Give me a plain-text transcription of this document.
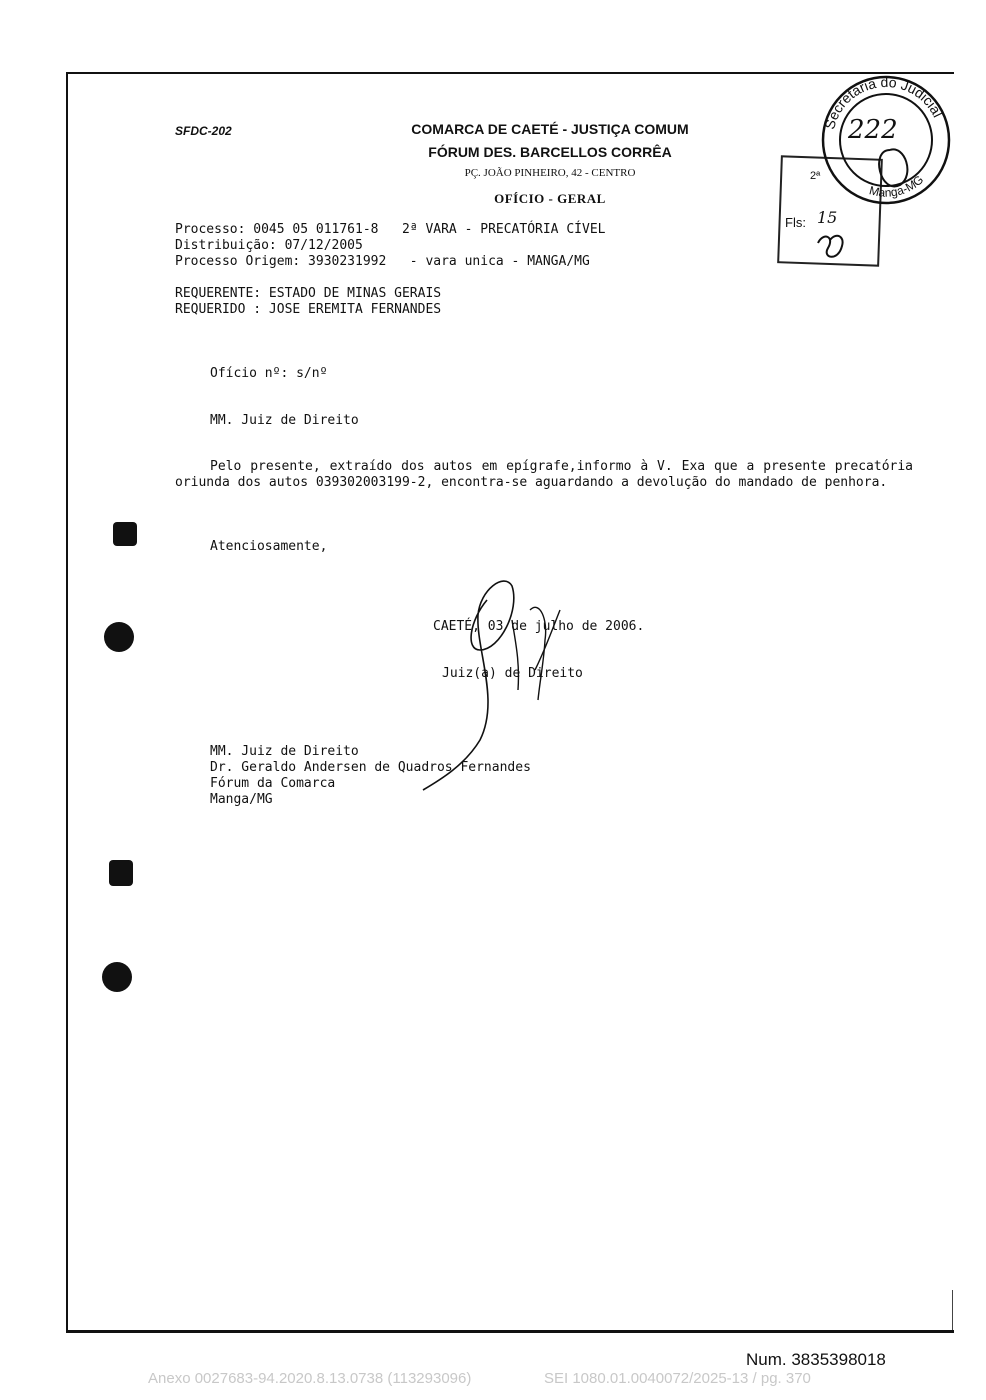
SFDC-202	COMARCA DE CAETÉ - JUSTIÇA COMUM
FÓRUM DES. BARCELLOS CORRÊA
PÇ. JOÃO PINHEIRO, 42 - CENTRO
OFÍCIO - GERAL
Processo: 0045 05 011761-8   2ª VARA - PRECATÓRIA CÍVEL
Distribuição: 07/12/2005
Processo Origem: 3930231992   - vara unica - MANGA/MG
REQUERENTE: ESTADO DE MINAS GERAIS
REQUERIDO : JOSE EREMITA FERNANDES
Ofício nº: s/nº
MM. Juiz de Direito
Pelo presente, extraído dos autos em epígrafe,informo à V. Exa que a presente precatória oriunda dos autos 039302003199-2, encontra-se aguardando a devolução do mandado de penhora.
Atenciosamente,
CAETÉ, 03 de julho de 2006.
Juiz(a) de Direito
MM. Juiz de Direito
Dr. Geraldo Andersen de Quadros Fernandes
Fórum da Comarca
Manga/MG
2ª
Fls: 15
Secretaria do Judicial
Manga-MG
222
Num. 3835398018
Anexo 0027683-94.2020.8.13.0738 (113293096)	SEI 1080.01.0040072/2025-13 / pg. 370
